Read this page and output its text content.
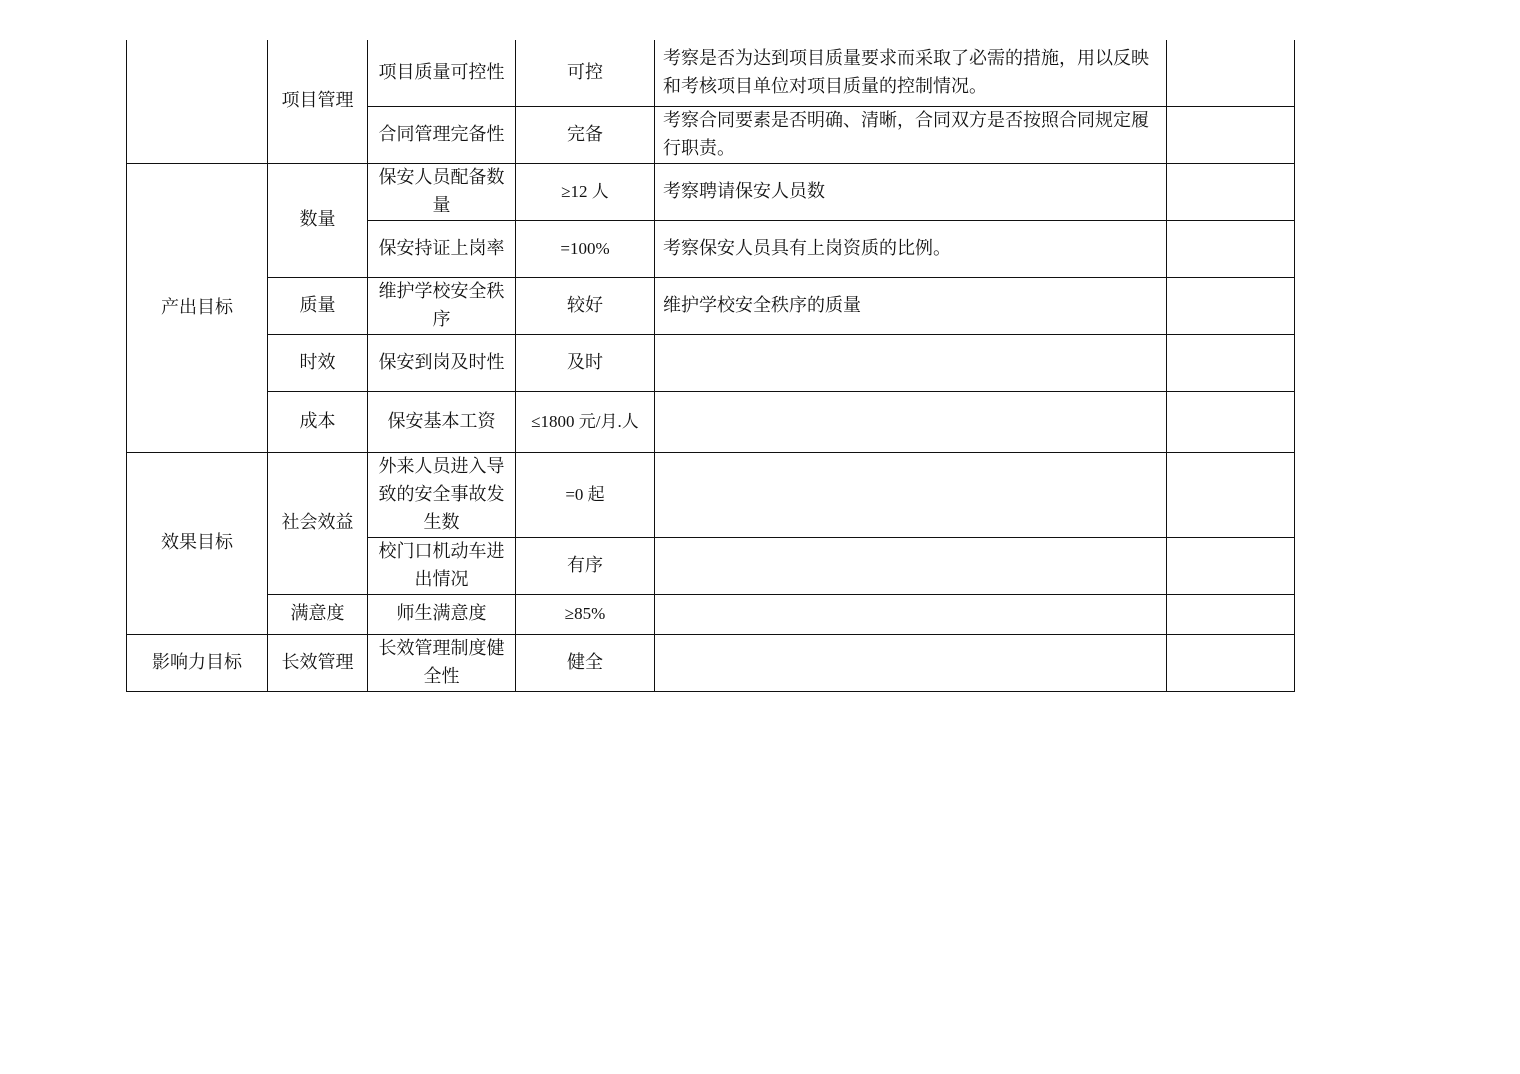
	项目管理	项目质量可控性	可控	考察是否为达到项目质量要求而采取了必需的措施，用以反映和考核项目单位对项目质量的控制情况。	
		合同管理完备性	完备	考察合同要素是否明确、清晰，合同双方是否按照合同规定履行职责。	
产出目标	数量	保安人员配备数量	≥12 人	考察聘请保安人员数	
		保安持证上岗率	=100%	考察保安人员具有上岗资质的比例。	
	质量	维护学校安全秩序	较好	维护学校安全秩序的质量	
	时效	保安到岗及时性	及时		
	成本	保安基本工资	≤1800 元/月.人		
效果目标	社会效益	外来人员进入导致的安全事故发生数	=0 起		
		校门口机动车进出情况	有序		
	满意度	师生满意度	≥85%		
影响力目标	长效管理	长效管理制度健全性	健全		
